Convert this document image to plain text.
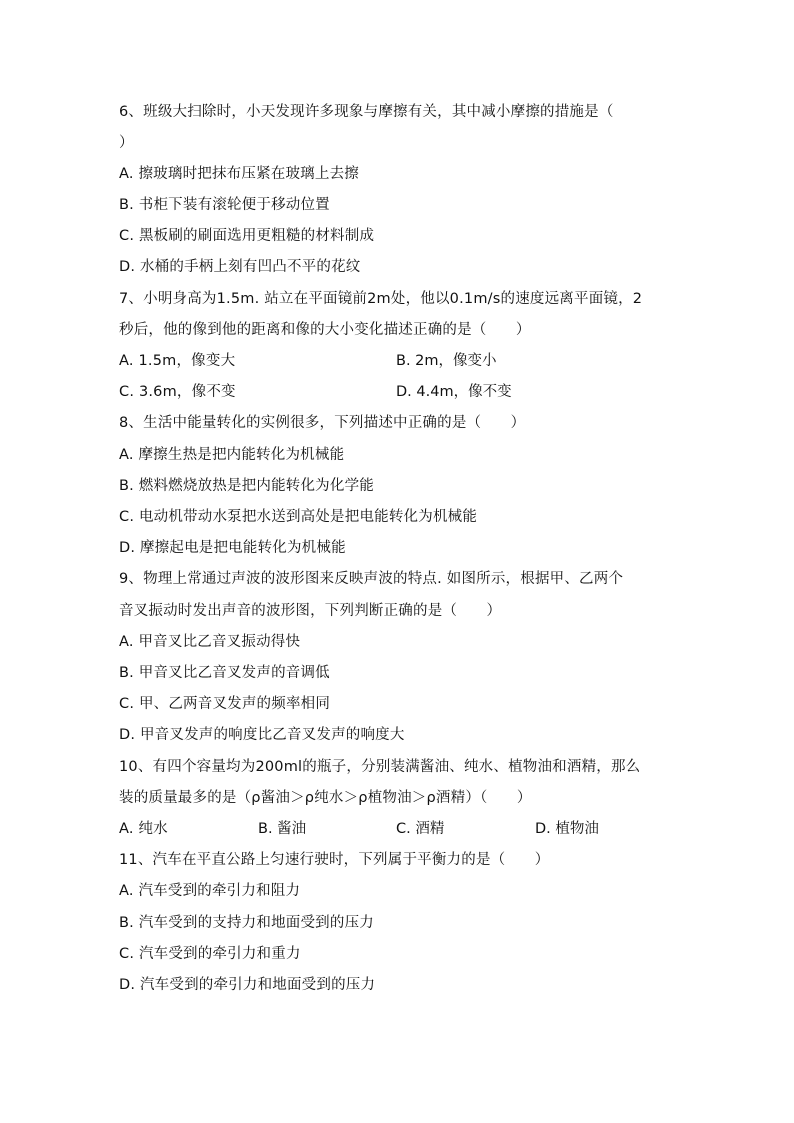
6、班级大扫除时，小天发现许多现象与摩擦有关，其中减小摩擦的措施是（
）
A. 擦玻璃时把抹布压紧在玻璃上去擦
B. 书柜下装有滚轮便于移动位置
C. 黑板刷的刷面选用更粗糙的材料制成
D. 水桶的手柄上刻有凹凸不平的花纹
7、小明身高为1.5m. 站立在平面镜前2m处，他以0.1m/s的速度远离平面镜，2
秒后，他的像到他的距离和像的大小变化描述正确的是（　　）
A. 1.5m，像变大	B. 2m，像变小
C. 3.6m，像不变	D. 4.4m，像不变
8、生活中能量转化的实例很多，下列描述中正确的是（　　）
A. 摩擦生热是把内能转化为机械能
B. 燃料燃烧放热是把内能转化为化学能
C. 电动机带动水泵把水送到高处是把电能转化为机械能
D. 摩擦起电是把电能转化为机械能
9、物理上常通过声波的波形图来反映声波的特点. 如图所示，根据甲、乙两个
音叉振动时发出声音的波形图，下列判断正确的是（　　）
A. 甲音叉比乙音叉振动得快
B. 甲音叉比乙音叉发声的音调低
C. 甲、乙两音叉发声的频率相同
D. 甲音叉发声的响度比乙音叉发声的响度大
10、有四个容量均为200ml的瓶子，分别装满酱油、纯水、植物油和酒精，那么
装的质量最多的是（ρ酱油＞ρ纯水＞ρ植物油＞ρ酒精）（　　）
A. 纯水	B. 酱油	C. 酒精	D. 植物油
11、汽车在平直公路上匀速行驶时，下列属于平衡力的是（　　）
A. 汽车受到的牵引力和阻力
B. 汽车受到的支持力和地面受到的压力
C. 汽车受到的牵引力和重力
D. 汽车受到的牵引力和地面受到的压力
